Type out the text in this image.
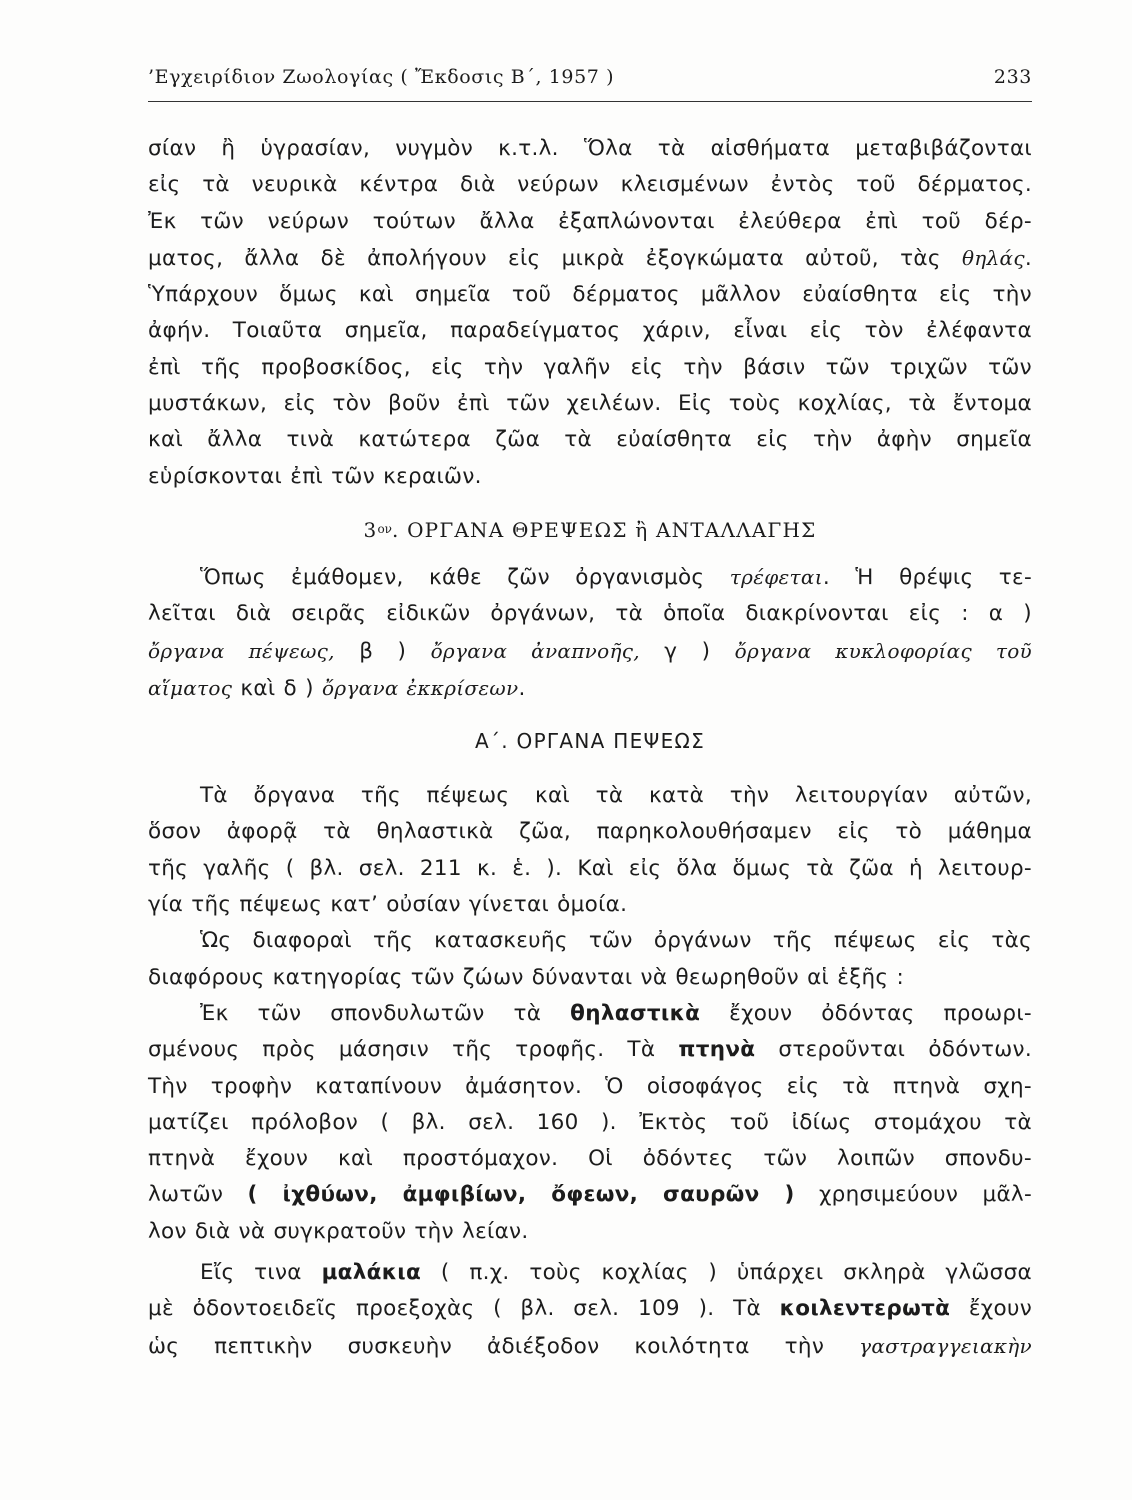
’Εγχειρίδιον Ζωολογίας ( Ἔκδοσις Β΄, 1957 )	233
σίαν ἢ ὑγρασίαν, νυγμὸν κ.τ.λ. Ὅλα τὰ αἰσθήματα μεταβιβάζονται
εἰς τὰ νευρικὰ κέντρα διὰ νεύρων κλεισμένων ἐντὸς τοῦ δέρματος.
Ἐκ τῶν νεύρων τούτων ἄλλα ἐξαπλώνονται ἐλεύθερα ἐπὶ τοῦ δέρ-
ματος, ἄλλα δὲ ἀπολήγουν εἰς μικρὰ ἐξογκώματα αὐτοῦ, τὰς θηλάς.
Ὑπάρχουν ὅμως καὶ σημεῖα τοῦ δέρματος μᾶλλον εὐαίσθητα εἰς τὴν
ἀφήν. Τοιαῦτα σημεῖα, παραδείγματος χάριν, εἶναι εἰς τὸν ἐλέφαντα
ἐπὶ τῆς προβοσκίδος, εἰς τὴν γαλῆν εἰς τὴν βάσιν τῶν τριχῶν τῶν
μυστάκων, εἰς τὸν βοῦν ἐπὶ τῶν χειλέων. Εἰς τοὺς κοχλίας, τὰ ἔντομα
καὶ ἄλλα τινὰ κατώτερα ζῶα τὰ εὐαίσθητα εἰς τὴν ἀφὴν σημεῖα
εὑρίσκονται ἐπὶ τῶν κεραιῶν.
$3^{o\nu}$. ΟΡΓΑΝΑ ΘΡΕΨΕΩΣ ἢ ΑΝΤΑΛΛΑΓΗΣ
Ὅπως ἐμάθομεν, κάθε ζῶν ὀργανισμὸς τρέφεται. Ἡ θρέψις τε-
λεῖται διὰ σειρᾶς εἰδικῶν ὀργάνων, τὰ ὁποῖα διακρίνονται εἰς : α )
ὄργανα πέψεως, β ) ὄργανα ἀναπνοῆς, γ ) ὄργανα κυκλοφορίας τοῦ
αἵματος καὶ δ ) ὄργανα ἐκκρίσεων.
Α΄. ΟΡΓΑΝΑ ΠΕΨΕΩΣ
Τὰ ὄργανα τῆς πέψεως καὶ τὰ κατὰ τὴν λειτουργίαν αὐτῶν,
ὅσον ἀφορᾷ τὰ θηλαστικὰ ζῶα, παρηκολουθήσαμεν εἰς τὸ μάθημα
τῆς γαλῆς ( βλ. σελ. 211 κ. ἑ. ). Καὶ εἰς ὅλα ὅμως τὰ ζῶα ἡ λειτουρ-
γία τῆς πέψεως κατ’ οὐσίαν γίνεται ὁμοία.
Ὡς διαφοραὶ τῆς κατασκευῆς τῶν ὀργάνων τῆς πέψεως εἰς τὰς
διαφόρους κατηγορίας τῶν ζώων δύνανται νὰ θεωρηθοῦν αἱ ἑξῆς :
Ἐκ τῶν σπονδυλωτῶν τὰ θηλαστικὰ ἔχουν ὀδόντας προωρι-
σμένους πρὸς μάσησιν τῆς τροφῆς. Τὰ πτηνὰ στεροῦνται ὀδόντων.
Τὴν τροφὴν καταπίνουν ἀμάσητον. Ὁ οἰσοφάγος εἰς τὰ πτηνὰ σχη-
ματίζει πρόλοβον ( βλ. σελ. 160 ). Ἐκτὸς τοῦ ἰδίως στομάχου τὰ
πτηνὰ ἔχουν καὶ προστόμαχον. Οἱ ὀδόντες τῶν λοιπῶν σπονδυ-
λωτῶν ( ἰχθύων, ἀμφιβίων, ὄφεων, σαυρῶν ) χρησιμεύουν μᾶλ-
λον διὰ νὰ συγκρατοῦν τὴν λείαν.
Εἴς τινα μαλάκια ( π.χ. τοὺς κοχλίας ) ὑπάρχει σκληρὰ γλῶσσα
μὲ ὀδοντοειδεῖς προεξοχὰς ( βλ. σελ. 109 ). Τὰ κοιλεντερωτὰ ἔχουν
ὡς πεπτικὴν συσκευὴν ἀδιέξοδον κοιλότητα τὴν γαστραγγειακὴν
